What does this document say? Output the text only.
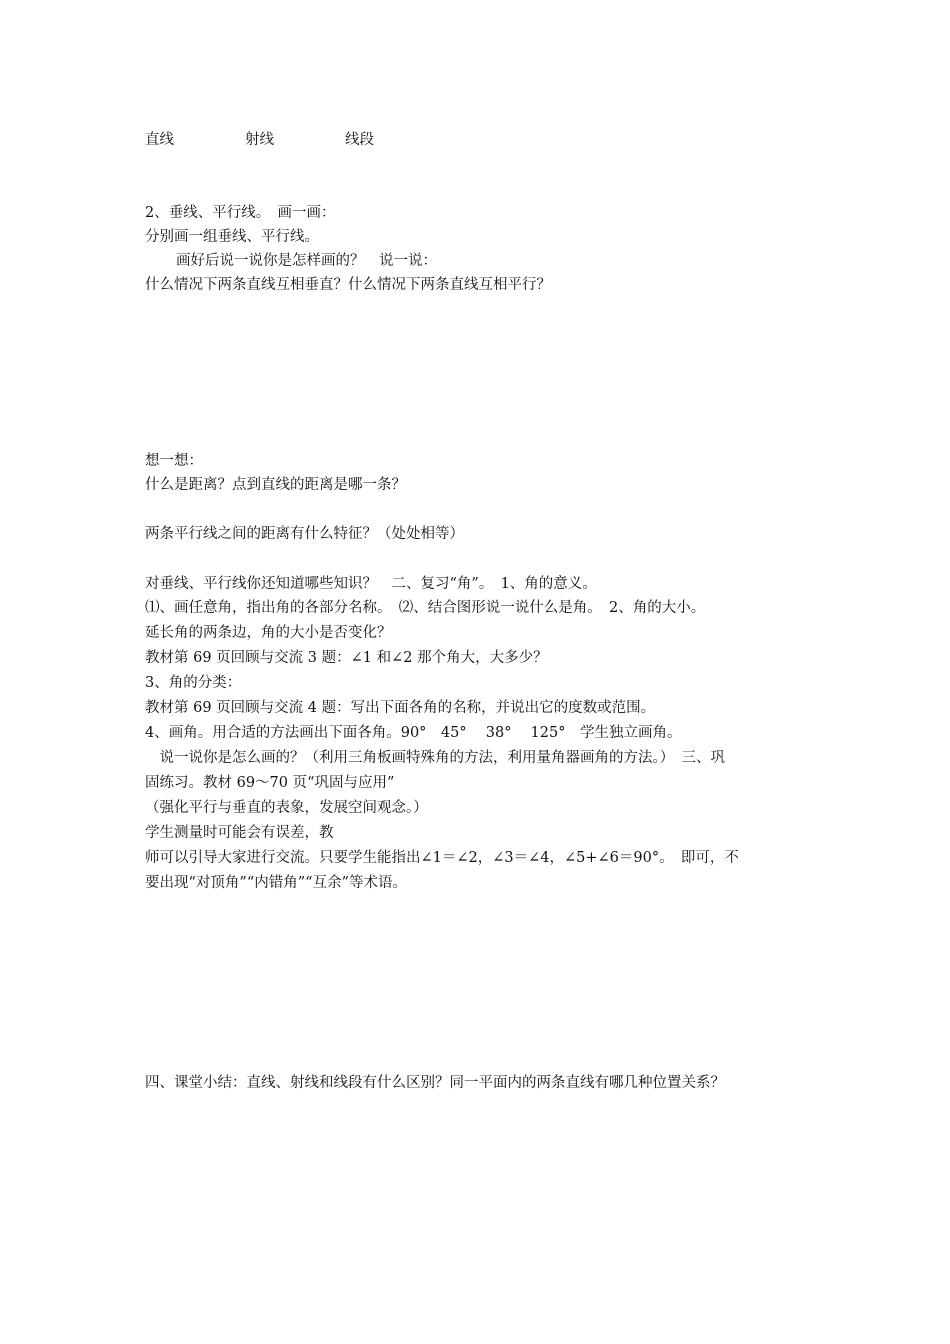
直线	射线	线段
2、垂线、平行线。　画一画：
分别画一组垂线、平行线。
画好后说一说你是怎样画的？　说一说：
什么情况下两条直线互相垂直？什么情况下两条直线互相平行？
想一想：
什么是距离？点到直线的距离是哪一条？
两条平行线之间的距离有什么特征？（处处相等）
对垂线、平行线你还知道哪些知识？　二、复习“角”。　1、角的意义。
⑴、画任意角，指出角的各部分名称。　⑵、结合图形说一说什么是角。　2、角的大小。
延长角的两条边，角的大小是否变化？
教材第 69 页回顾与交流 3 题：∠1 和∠2 那个角大，大多少？
3、角的分类：
教材第 69 页回顾与交流 4 题：写出下面各角的名称，并说出它的度数或范围。
4、画角。用合适的方法画出下面各角。90°　45°　 38°　 125°　学生独立画角。
　说一说你是怎么画的？（利用三角板画特殊角的方法，利用量角器画角的方法。）　三、巩
固练习。教材 69～70 页“巩固与应用”
（强化平行与垂直的表象，发展空间观念。）
学生测量时可能会有误差，教
师可以引导大家进行交流。只要学生能指出∠1＝∠2，∠3＝∠4，∠5+∠6＝90°。　即可，不
要出现“对顶角”“内错角”“互余”等术语。
四、课堂小结：直线、射线和线段有什么区别？同一平面内的两条直线有哪几种位置关系？
